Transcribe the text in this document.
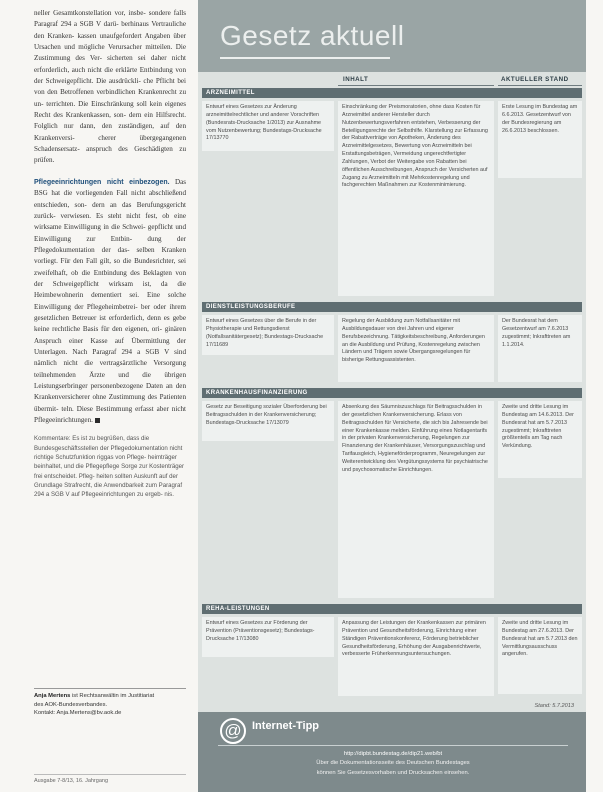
neller Gesamtkonstellation vor, insbe- sondere falls Paragraf 294 a SGB V darü- berhinaus Vertrauliche den Kranken- kassen unaufgefordert Angaben über Ursachen und mögliche Verursacher mitteilen. Die Zustimmung des Ver- sicherten sei daher nicht erforderlich, auch nicht die erklärte Entbindung von der Schweigepflicht. Die ausdrückli- che Pflicht bei von den Betroffenen verbindlichen Krankenrecht zu un- terrichten. Die Einschränkung soll kein eigenes Recht des Krankenkassen, son- dern ein Hilfsrecht. Folglich nur dann, den zuständigen, auf den Krankenversi- cherer übergegangenen Schadensersatz- anspruch des Geschädigten zu prüfen.

Pflegeeinrichtungen nicht einbezogen. Das BSG hat die vorliegenden Fall nicht abschließend entschieden, son- dern an das Berufungsgericht zurück- verwiesen. Es steht nicht fest, ob eine wirksame Einwilligung in die Schwei- gepflicht und Einwilligung zur Entbin- dung der Pflegedokumentation der das- selben Kranken vorliegt. Für den Fall gilt, so die Bundesrichter, sei zweifelhaft, ob die Entbindung des Beklagten von der Schweigepflicht wirksam ist, da die Heimbewohnerin dementiert sei. Eine solche Einwilligung der Pflegeheimbetrei- ber oder ihrem gesetzlichen Betreuer ist erforderlich, denn es gebe keine rechtliche Basis für den eigenen, ori- ginären Anspruch einer Kasse auf Übermittlung der Unterlagen. Nach Paragraf 294 a SGB V sind nämlich nicht die vertragsärztliche Versorgung teilnehmenden Ärzte und die übrigen Leistungserbringer personenbezogene Daten an den Krankenversicherer ohne Zustimmung des Patienten übermit- teln. Diese Bestimmung erfasst aber nicht Pflegeeinrichtungen.

Kommentare: Es ist zu begrüßen, dass die Bundesgeschäftsstellen der Pflegedokumentation nicht richtige Schutzfunktion riggas von Pflege- heimträger beinhaltet, und die Pflegepflege Sorge zur Kostenträger frei entscheidet. Pfleg- heiten sollten Auskunft auf der Grundlage Strafrecht, die Anwendbarkeit zum Paragraf 294 a SGB V auf Pflegeeinrichtungen zu ergeb- nis.

Anja Mertens ist Rechtsanwältin im Justitiariat
des AOK-Bundesverbandes.
Kontakt: Anja.Mertens@bv.aok.de
Ausgabe 7-8/13, 16. Jahrgang
Gesetz aktuell
INHALT	AKTUELLER STAND
ARZNEIMITTEL
Entwurf eines Gesetzes zur Änderung arzneimittelrechtlicher und anderer Vorschriften (Bundesrats-Drucksache 1/2013) zur Ausnahme vom Nutzenbewertung; Bundestags-Drucksache 17/13770
Einschränkung der Preismoratorien, ohne dass Kosten für Arzneimittel anderer Hersteller durch Nutzenbewertungsverfahren entstehen, Verbesserung der Beteiligungsrechte der Selbsthilfe. Klarstellung zur Erfassung der Rabattverträge von Apotheken, Änderung des Arzneimittelgesetzes, Bewertung von Arzneimitteln bei Erstattungsbeträgen, Vermeidung ungerechtfertigter Zahlungen, Verbot der Weitergabe von Rabatten bei öffentlichen Ausschreibungen, Anspruch der Versicherten auf Zugang zu Arzneimitteln mit Mehrkostenregelung und fachgerechten Maßnahmen zur Kostenminimierung.
Erste Lesung im Bundestag am 6.6.2013. Gesetzentwurf von der Bundesregierung am 26.6.2013 beschlossen.
DIENSTLEISTUNGSBERUFE
Entwurf eines Gesetzes über die Berufe in der Physiotherapie und Rettungsdienst (Notfallsanitätergesetz); Bundestags-Drucksache 17/11689
Regelung der Ausbildung zum Notfallsanitäter mit Ausbildungsdauer von drei Jahren und eigener Berufsbezeichnung. Tätigkeitsbeschreibung, Anforderungen an die Ausbildung und Prüfung, Kostenregelung zwischen Ländern und Trägern sowie Übergangsregelungen für bisherige Rettungsassistenten.
Der Bundesrat hat dem Gesetzentwurf am 7.6.2013 zugestimmt; Inkrafttreten am 1.1.2014.
KRANKENHAUSFINANZIERUNG
Gesetz zur Beseitigung sozialer Überforderung bei Beitragsschulden in der Krankenversicherung; Bundestags-Drucksache 17/13079
Absenkung des Säumniszuschlags für Beitragsschulden in der gesetzlichen Krankenversicherung. Erlass von Beitragsschulden für Versicherte, die sich bis Jahresende bei einer Krankenkasse melden. Einführung eines Notlagentarifs in der privaten Krankenversicherung, Regelungen zur Finanzierung der Krankenhäuser, Versorgungszuschlag und Tarifausgleich, Hygieneförderprogramm, Neuregelungen zur Weiterentwicklung des Vergütungssystems für psychiatrische und psychosomatische Einrichtungen.
Zweite und dritte Lesung im Bundestag am 14.6.2013. Der Bundesrat hat am 5.7.2013 zugestimmt; Inkrafttreten größtenteils am Tag nach Verkündung.
REHA-LEISTUNGEN
Entwurf eines Gesetzes zur Förderung der Prävention (Präventionsgesetz); Bundestags-Drucksache 17/13080
Anpassung der Leistungen der Krankenkassen zur primären Prävention und Gesundheitsförderung, Einrichtung einer Ständigen Präventionskonferenz, Förderung betrieblicher Gesundheitsförderung, Erhöhung der Ausgabenrichtwerte, verbesserte Früherkennungsuntersuchungen.
Zweite und dritte Lesung im Bundestag am 27.6.2013. Der Bundesrat hat am 5.7.2013 den Vermittlungsausschuss angerufen.
Stand: 5.7.2013
@ Internet-Tipp
http://dipbt.bundestag.de/dip21.web/bt
Über die Dokumentationsseite des Deutschen Bundestages
können Sie Gesetzesvorhaben und Drucksachen einsehen.
